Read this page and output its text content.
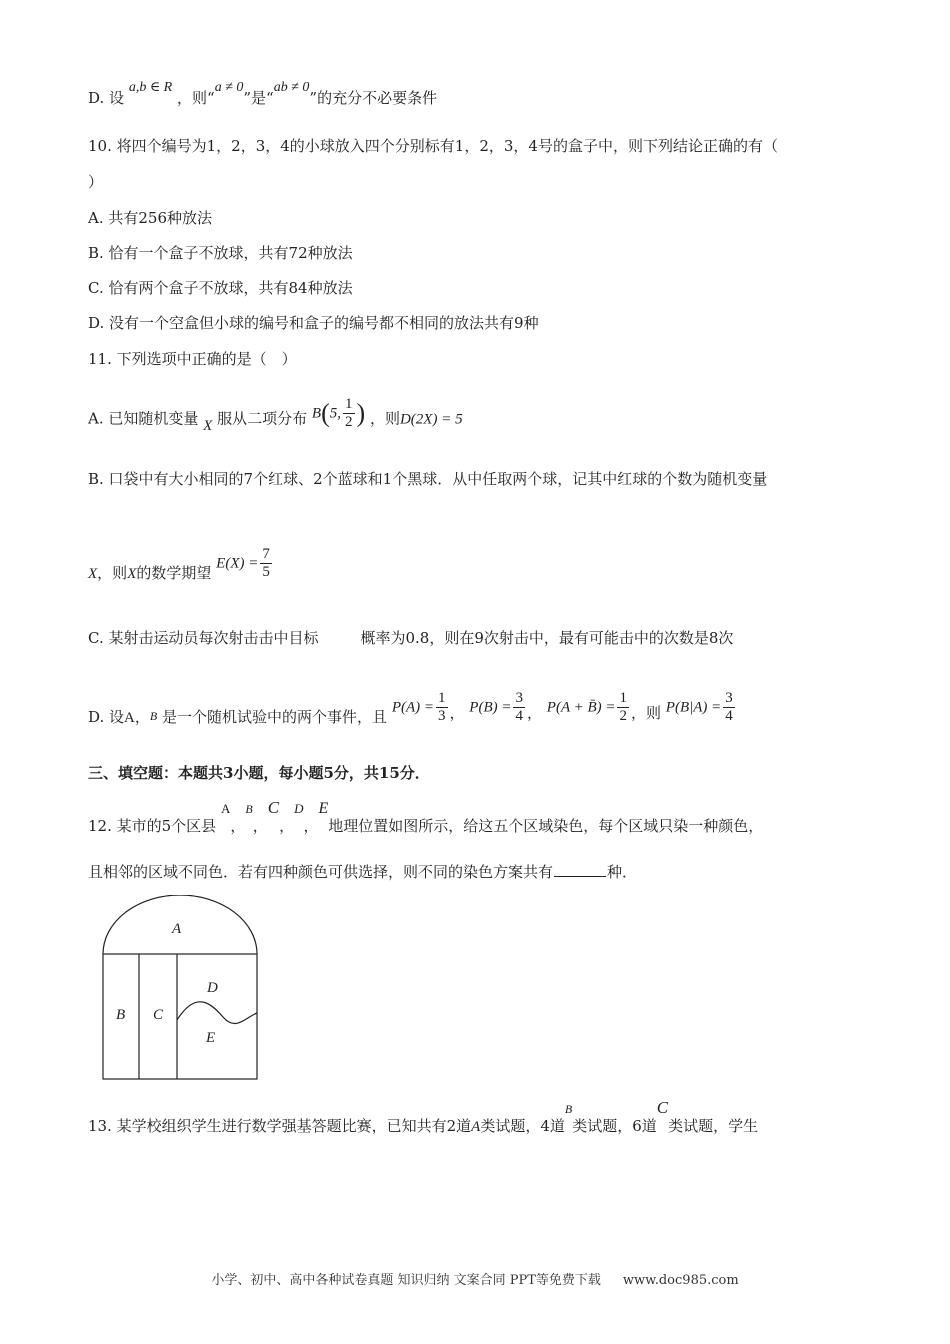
D. 设 a,b ∈ R ，则“a ≠ 0”是“ab ≠ 0”的充分不必要条件
10. 将四个编号为1，2，3，4的小球放入四个分别标有1，2，3，4号的盒子中，则下列结论正确的有（
）
A. 共有256种放法
B. 恰有一个盒子不放球，共有72种放法
C. 恰有两个盒子不放球，共有84种放法
D. 没有一个空盒但小球的编号和盒子的编号都不相同的放法共有9种
11. 下列选项中正确的是（　）
A. 已知随机变量 X 服从二项分布 B(5, $\frac{1}{2}$ ) ，则D(2X) = 5
B. 口袋中有大小相同的7个红球、2个蓝球和1个黑球．从中任取两个球，记其中红球的个数为随机变量
X，则X的数学期望 $E(X) = \frac{7}{5}$
C. 某射击运动员每次射击击中目标	概率为0.8，则在9次射击中，最有可能击中的次数是8次
D. 设A，$_B$ 是一个随机试验中的两个事件，且 $P(A) = \frac{1}{3}$ ， $P(B) = \frac{3}{4}$ ， P(A + B̄) = $\frac{1}{2}$ ，则 $P(B|A) = \frac{3}{4}$
三、填空题：本题共3小题，每小题5分，共15分．
12. 某市的5个区县 A，$^B$，C，D，E地理位置如图所示，给这五个区域染色，每个区域只染一种颜色，
且相邻的区域不同色．若有四种颜色可供选择，则不同的染色方案共有	种．
A
B C
D
E
13. 某学校组织学生进行数学强基答题比赛，已知共有2道A类试题，4道$^B$类试题，6道C类试题，学生
小学、初中、高中各种试卷真题 知识归纳 文案合同 PPT等免费下载 www.doc985.com
